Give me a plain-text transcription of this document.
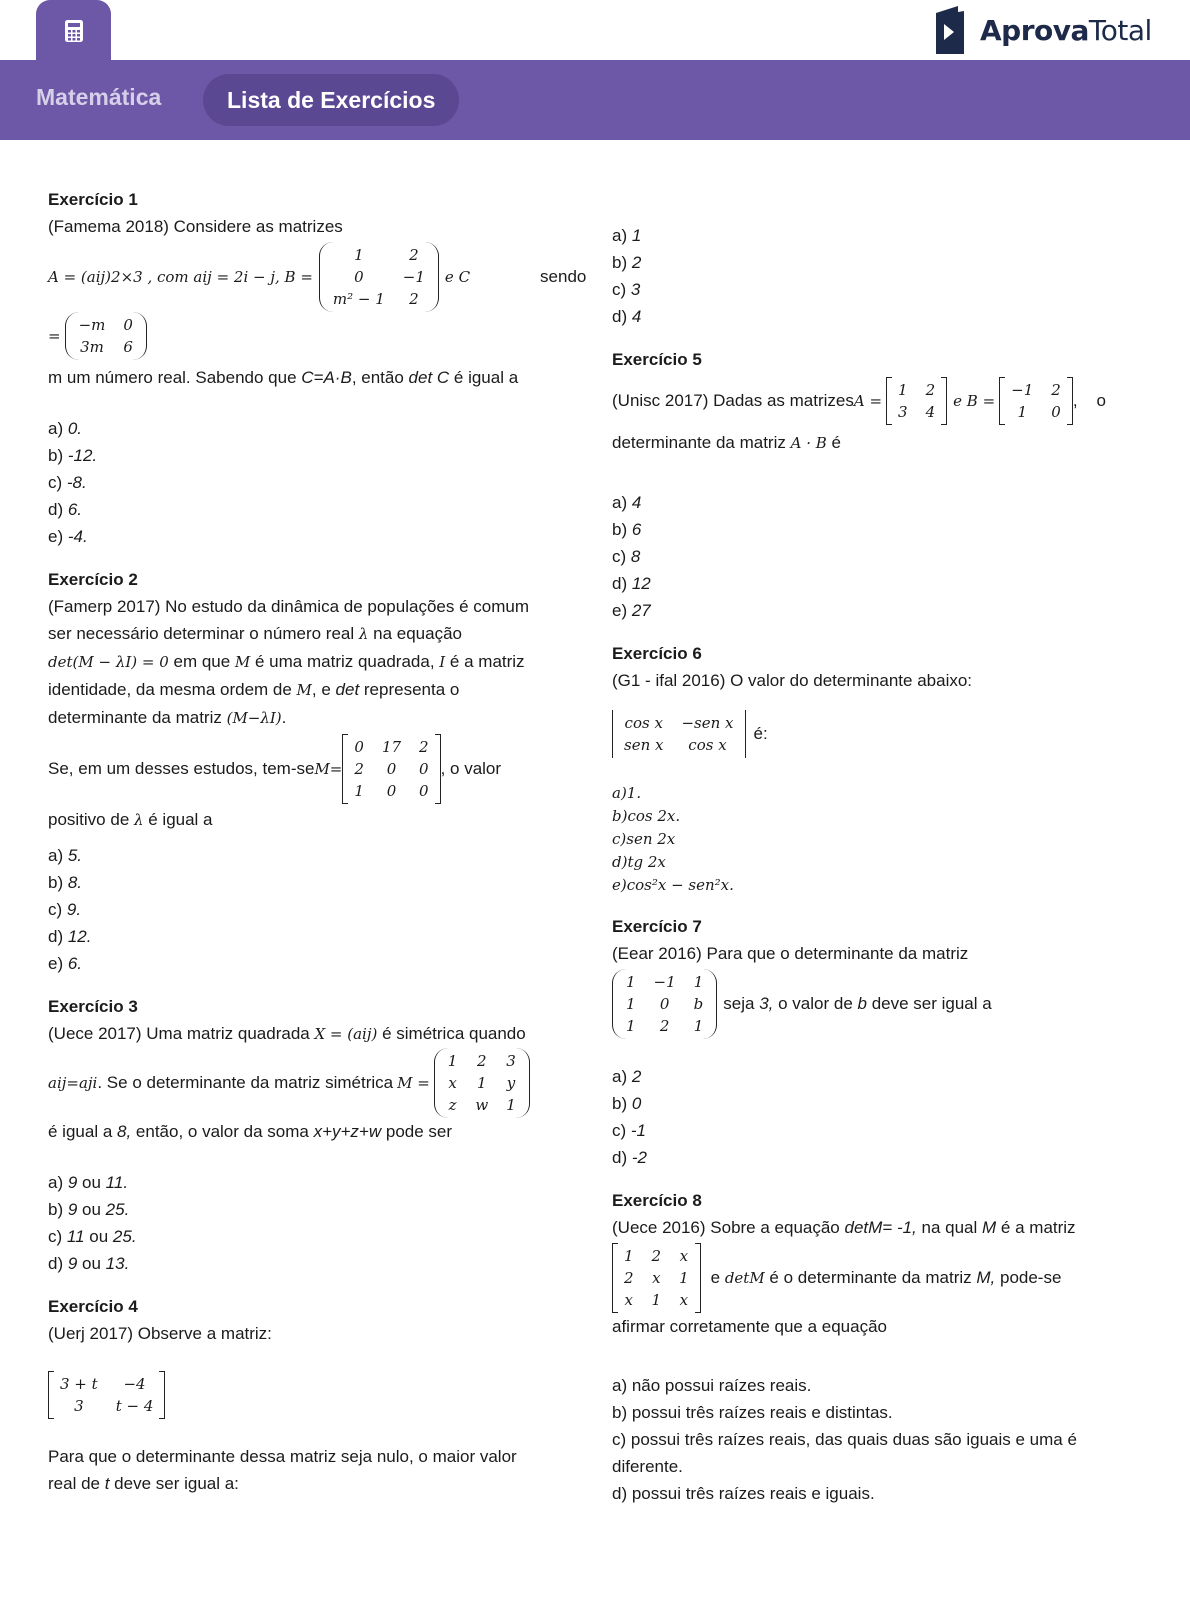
AprovaTotal
Matemática	Lista de Exercícios
Exercício 1
(Famema 2018) Considere as matrizes
A = (aij)2×3 , com aij = 2i − j, B =
1	2
0	−1
m² − 1	2
e C	sendo
=
−m	0
3m	6
m um número real. Sabendo que C=A·B, então det C é igual a
a) 0.
b) -12.
c) -8.
d) 6.
e) -4.
Exercício 2
(Famerp 2017) No estudo da dinâmica de populações é comum
ser necessário determinar o número real λ na equação
det(M − λI) = 0 em que M é uma matriz quadrada, I é a matriz
identidade, da mesma ordem de M, e det representa o
determinante da matriz (M−λI).
Se, em um desses estudos, tem-se M=
0	17	2
2	0	0
1	0	0
, o valor
positivo de λ é igual a
a) 5.
b) 8.
c) 9.
d) 12.
e) 6.
Exercício 3
(Uece 2017) Uma matriz quadrada X = (aij) é simétrica quando
aij=aji . Se o determinante da matriz simétrica M =
1	2	3
x	1	y
z	w	1
é igual a 8, então, o valor da soma x+y+z+w pode ser
a) 9 ou 11.
b) 9 ou 25.
c) 11 ou 25.
d) 9 ou 13.
Exercício 4
(Uerj 2017) Observe a matriz:
3 + t	−4
3	t − 4
Para que o determinante dessa matriz seja nulo, o maior valor
real de t deve ser igual a:
a) 1
b) 2
c) 3
d) 4
Exercício 5
(Unisc 2017) Dadas as matrizes A =
1	2
3	4
e B =
−1	2
1	0
,    o
determinante da matriz A · B é
a) 4
b) 6
c) 8
d) 12
e) 27
Exercício 6
(G1 - ifal 2016) O valor do determinante abaixo:
cos x	−sen x
sen x	cos x
é:
a)1.
b)cos 2x.
c)sen 2x
d)tg 2x
e)cos²x − sen²x.
Exercício 7
(Eear 2016) Para que o determinante da matriz
1	−1	1
1	0	b
1	2	1
seja 3, o valor de b deve ser igual a
a) 2
b) 0
c) -1
d) -2
Exercício 8
(Uece 2016) Sobre a equação detM= -1, na qual M é a matriz
1	2	x
2	x	1
x	1	x
e detM é o determinante da matriz M, pode-se
afirmar corretamente que a equação
a) não possui raízes reais.
b) possui três raízes reais e distintas.
c) possui três raízes reais, das quais duas são iguais e uma é
diferente.
d) possui três raízes reais e iguais.
